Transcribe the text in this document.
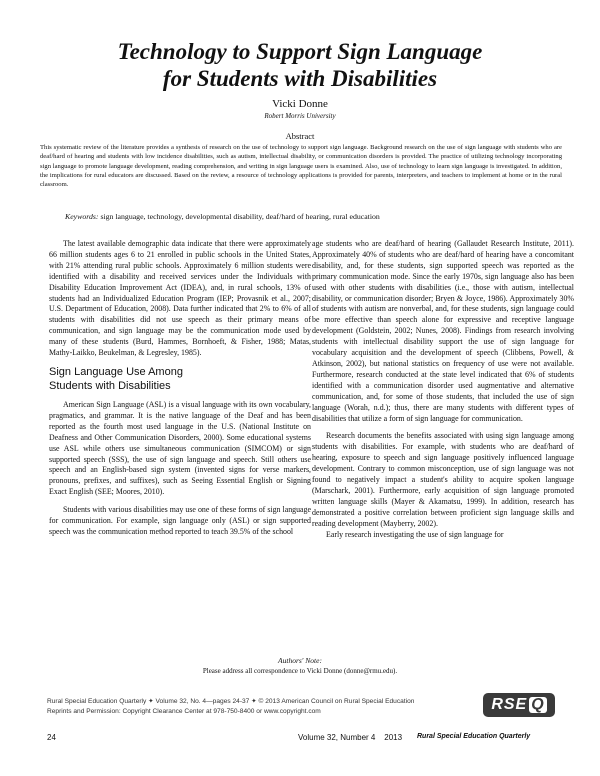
Technology to Support Sign Language
for Students with Disabilities
Vicki Donne
Robert Morris University
Abstract
This systematic review of the literature provides a synthesis of research on the use of technology to support sign language. Background research on the use of sign language with students who are deaf/hard of hearing and students with low incidence disabilities, such as autism, intellectual disability, or communication disorders is provided. The practice of utilizing technology incorporating sign language to promote language development, reading comprehension, and writing in sign language users is examined. Also, use of technology to learn sign language is investigated. In addition, the implications for rural educators are discussed. Based on the review, a resource of technology applications is provided for parents, interpreters, and teachers to implement at home or in the rural classroom.
Keywords: sign language, technology, developmental disability, deaf/hard of hearing, rural education

The latest available demographic data indicate that there were approximately 66 million students ages 6 to 21 enrolled in public schools in the United States, with 21% attending rural public schools. Approximately 6 million students were identified with a disability and received services under the Individuals with Disability Education Improvement Act (IDEA), and, in rural schools, 13% of students had an Individualized Education Program (IEP; Provasnik et al., 2007; U.S. Department of Education, 2008). Data further indicated that 2% to 6% of all students with disabilities did not use speech as their primary means of communication, and sign language may be the communication mode used by many of these students (Burd, Hammes, Bornhoeft, & Fisher, 1988; Matas, Mathy-Laikko, Beukelman, & Legresley, 1985).

Sign Language Use Among
Students with Disabilities

American Sign Language (ASL) is a visual language with its own vocabulary, pragmatics, and grammar. It is the native language of the Deaf and has been reported as the fourth most used language in the U.S. (National Institute on Deafness and Other Communication Disorders, 2000). Some educational systems use ASL while others use simultaneous communication (SIMCOM) or sign supported speech (SSS), the use of sign language and speech. Still others use speech and an English-based sign system (invented signs for verse markers, pronouns, prefixes, and suffixes), such as Seeing Essential English or Signing Exact English (SEE; Moores, 2010).

Students with various disabilities may use one of these forms of sign language for communication. For example, sign language only (ASL) or sign supported speech was the communication method reported to teach 39.5% of the school

age students who are deaf/hard of hearing (Gallaudet Research Institute, 2011). Approximately 40% of students who are deaf/hard of hearing have a concomitant disability, and, for these students, sign supported speech was reported as the primary communication mode. Since the early 1970s, sign language also has been used with other students with disabilities (i.e., those with autism, intellectual disability, or communication disorder; Bryen & Joyce, 1986). Approximately 30% of students with autism are nonverbal, and, for these students, sign language could be more effective than speech alone for expressive and receptive language development (Goldstein, 2002; Nunes, 2008). Findings from research involving students with intellectual disability support the use of sign language for vocabulary acquisition and the development of speech (Clibbens, Powell, & Atkinson, 2002), but national statistics on frequency of use were not available. Furthermore, research conducted at the state level indicated that 6% of students identified with a communication disorder used augmentative and alternative communication, and, for some of those students, that included the use of sign language (Worah, n.d.); thus, there are many students with different types of disabilities that utilize a form of sign language for communication.

Research documents the benefits associated with using sign language among students with disabilities. For example, with students who are deaf/hard of hearing, exposure to speech and sign language positively influenced language development. Contrary to common misconception, use of sign language was not found to negatively impact a student's ability to acquire spoken language (Marschark, 2001). Furthermore, early acquisition of sign language promoted written language skills (Mayer & Akamatsu, 1999). In addition, research has demonstrated a positive correlation between proficient sign language skills and reading development (Mayberry, 2002).

Early research investigating the use of sign language for

Authors' Note:
Please address all correspondence to Vicki Donne (donne@rmu.edu).
Rural Special Education Quarterly ✦ Volume 32, No. 4—pages 24-37 ✦ © 2013 American Council on Rural Special Education
Reprints and Permission: Copyright Clearance Center at 978-750-8400 or www.copyright.com	RSE Q
24	Volume 32, Number 4    2013 Rural Special Education Quarterly
